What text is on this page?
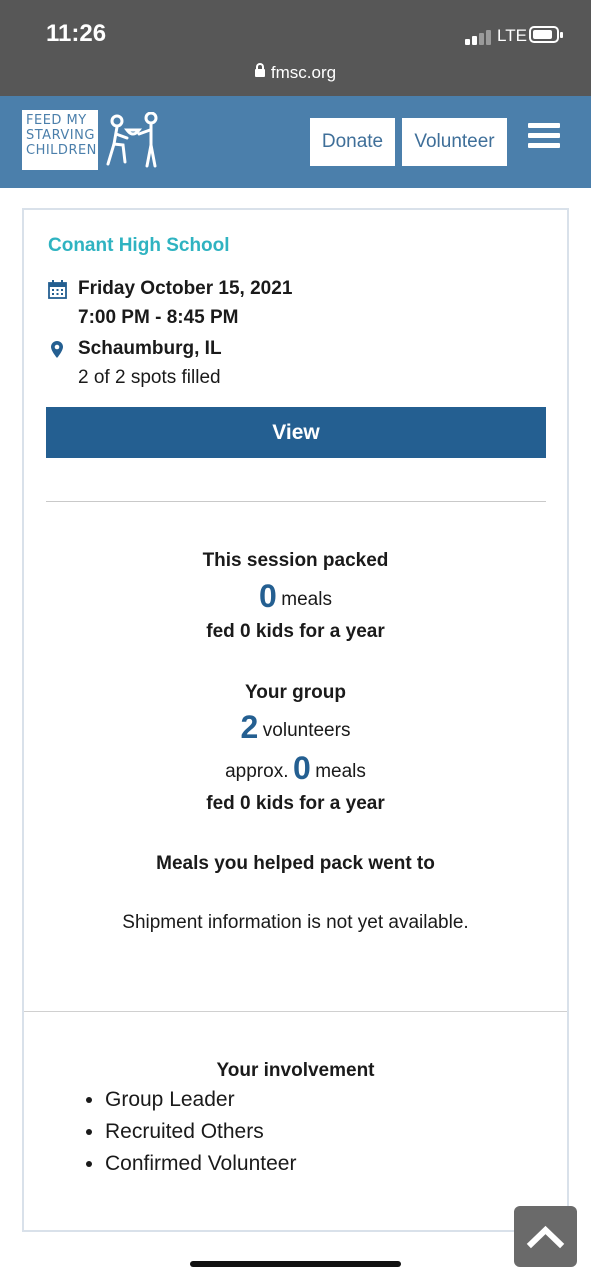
11:26	LTE
fmsc.org
FEED MY
STARVING
CHILDREN	Donate	Volunteer
Conant High School
Friday October 15, 2021
7:00 PM - 8:45 PM
Schaumburg, IL
2 of 2 spots filled
View
This session packed
0 meals
fed 0 kids for a year
Your group
2 volunteers
approx. 0 meals
fed 0 kids for a year
Meals you helped pack went to
Shipment information is not yet available.
Your involvement
• Group Leader
• Recruited Others
• Confirmed Volunteer
